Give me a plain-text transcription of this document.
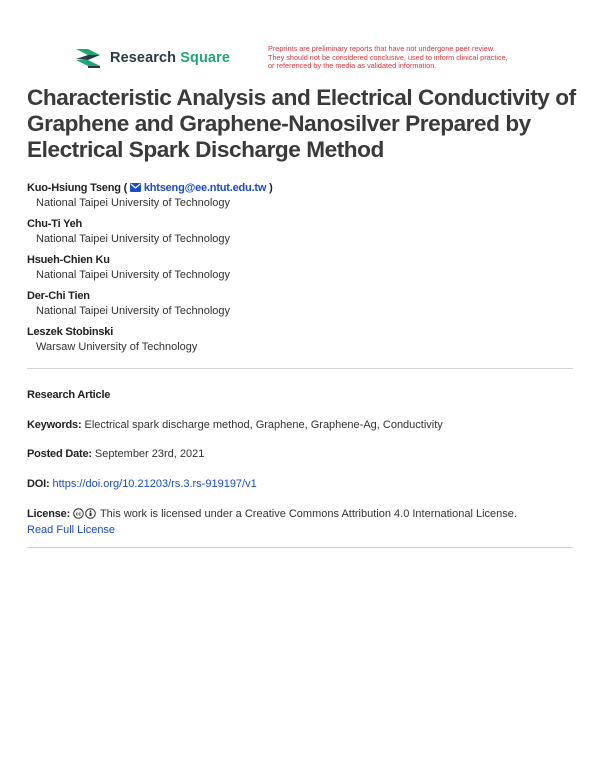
Research Square
Preprints are preliminary reports that have not undergone peer review.
They should not be considered conclusive, used to inform clinical practice,
or referenced by the media as validated information.
Characteristic Analysis and Electrical Conductivity of Graphene and Graphene-Nanosilver Prepared by Electrical Spark Discharge Method
Kuo-Hsiung Tseng (  khtseng@ee.ntut.edu.tw )
National Taipei University of Technology
Chu-Ti Yeh
National Taipei University of Technology
Hsueh-Chien Ku
National Taipei University of Technology
Der-Chi Tien
National Taipei University of Technology
Leszek Stobinski
Warsaw University of Technology
Research Article
Keywords: Electrical spark discharge method, Graphene, Graphene-Ag, Conductivity
Posted Date: September 23rd, 2021
DOI: https://doi.org/10.21203/rs.3.rs-919197/v1
License: cc This work is licensed under a Creative Commons Attribution 4.0 International License.
Read Full License
